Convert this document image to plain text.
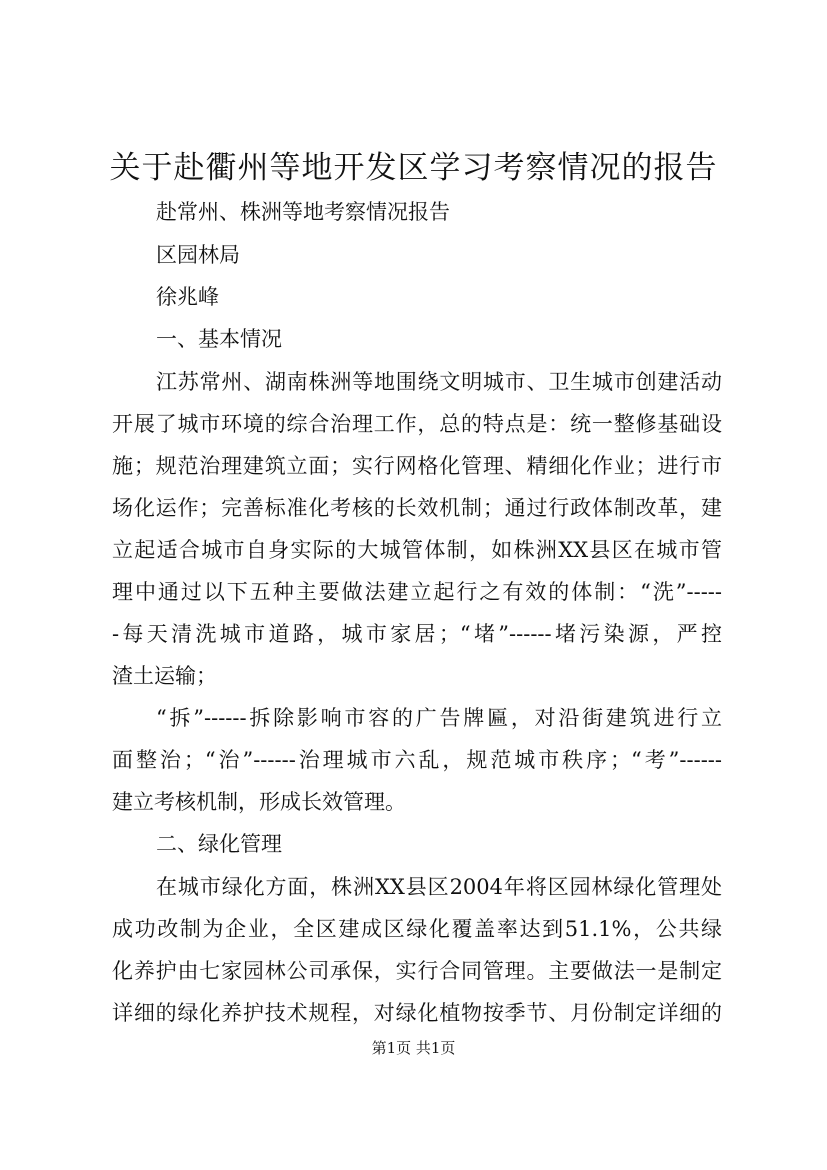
关于赴衢州等地开发区学习考察情况的报告
赴常州、株洲等地考察情况报告
区园林局
徐兆峰
一、基本情况
江苏常州、湖南株洲等地围绕文明城市、卫生城市创建活动
开展了城市环境的综合治理工作，总的特点是：统一整修基础设
施；规范治理建筑立面；实行网格化管理、精细化作业；进行市
场化运作；完善标准化考核的长效机制；通过行政体制改革，建
立起适合城市自身实际的大城管体制，如株洲XX县区在城市管
理中通过以下五种主要做法建立起行之有效的体制：“洗”-----
-每天清洗城市道路，城市家居；“堵”------堵污染源，严控
渣土运输；
“拆”------拆除影响市容的广告牌匾，对沿街建筑进行立
面整治；“治”------治理城市六乱，规范城市秩序；“考”------
建立考核机制，形成长效管理。
二、绿化管理
在城市绿化方面，株洲XX县区2004年将区园林绿化管理处
成功改制为企业，全区建成区绿化覆盖率达到51.1%，公共绿
化养护由七家园林公司承保，实行合同管理。主要做法一是制定
详细的绿化养护技术规程，对绿化植物按季节、月份制定详细的
第1页 共1页
